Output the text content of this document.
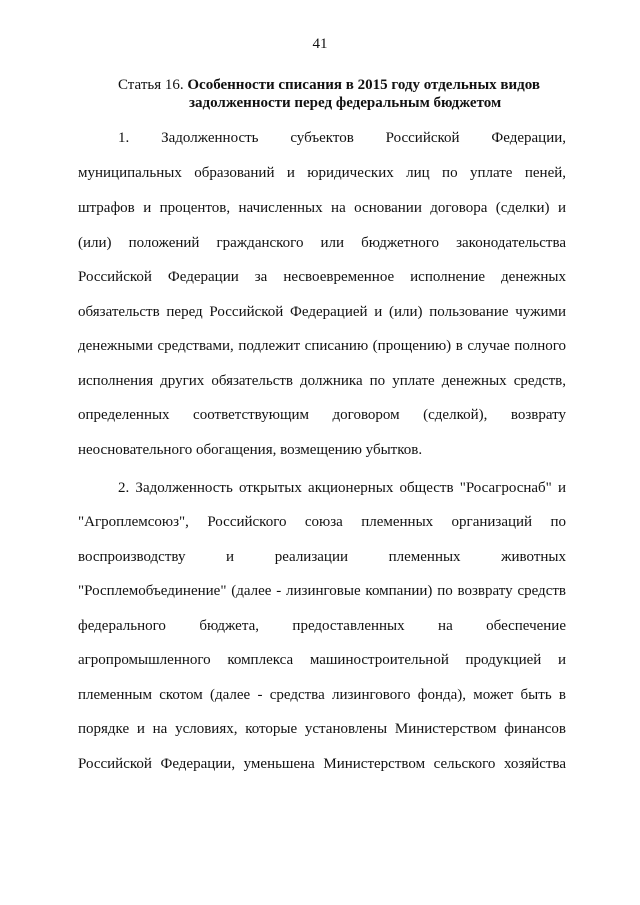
41
Статья 16. Особенности списания в 2015 году отдельных видов
задолженности перед федеральным бюджетом
1. Задолженность субъектов Российской Федерации,
муниципальных образований и юридических лиц по уплате пеней,
штрафов и процентов, начисленных на основании договора (сделки) и
(или) положений гражданского или бюджетного законодательства
Российской Федерации за несвоевременное исполнение денежных
обязательств перед Российской Федерацией и (или) пользование чужими
денежными средствами, подлежит списанию (прощению) в случае полного
исполнения других обязательств должника по уплате денежных средств,
определенных соответствующим договором (сделкой), возврату
неосновательного обогащения, возмещению убытков.
2. Задолженность открытых акционерных обществ "Росагроснаб" и
"Агроплемсоюз", Российского союза племенных организаций по
воспроизводству и реализации племенных животных
"Росплемобъединение" (далее - лизинговые компании) по возврату средств
федерального бюджета, предоставленных на обеспечение
агропромышленного комплекса машиностроительной продукцией и
племенным скотом (далее - средства лизингового фонда), может быть в
порядке и на условиях, которые установлены Министерством финансов
Российской Федерации, уменьшена Министерством сельского хозяйства
